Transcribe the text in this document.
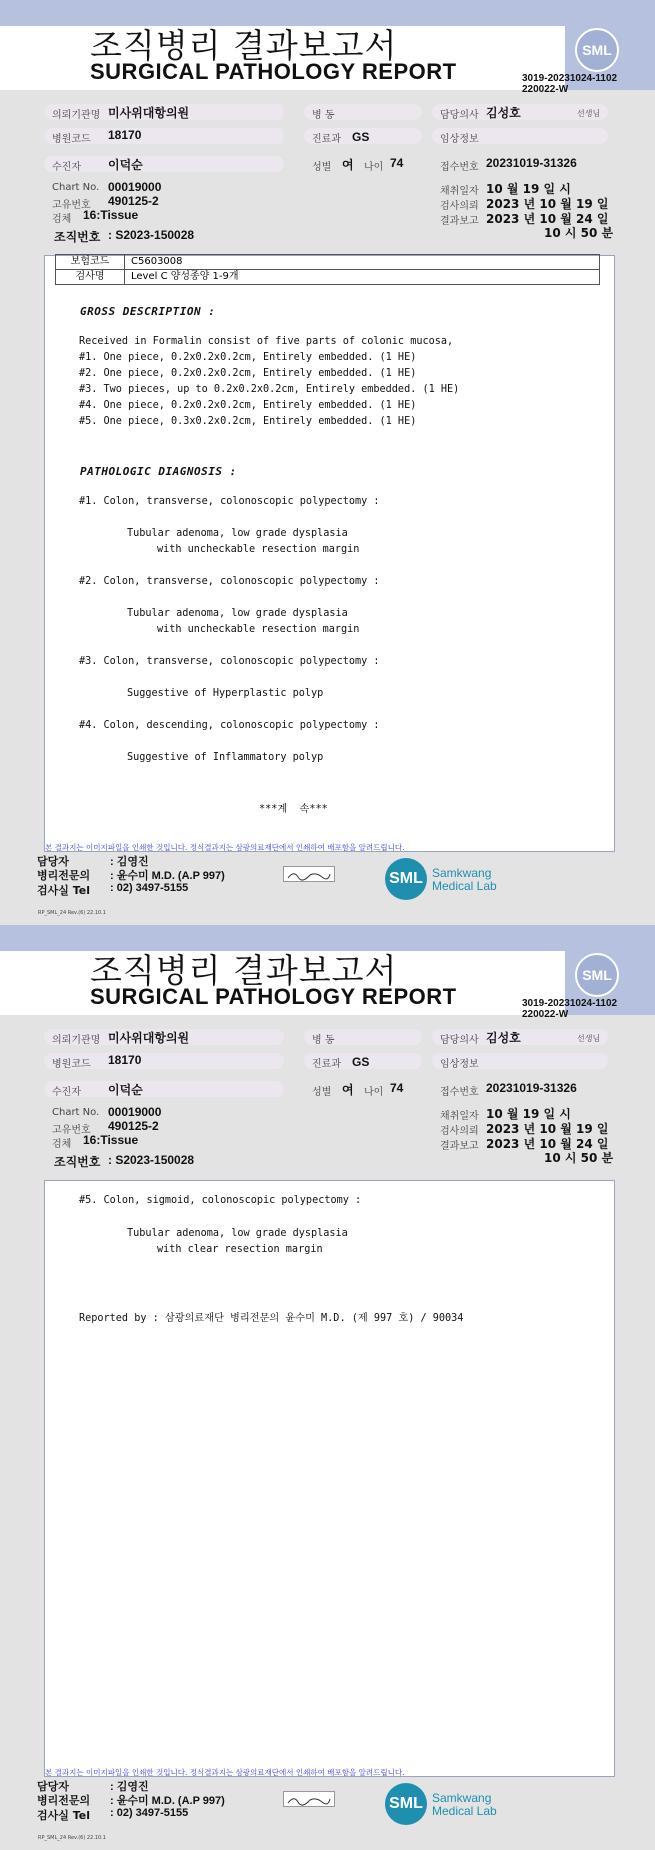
조직병리 결과보고서
SURGICAL PATHOLOGY REPORT
SML
3019-20231024-1102
220022-W
의뢰기관명 미사위대항의원
병원코드 18170
수진자 이덕순
Chart No. 00019000
고유번호 490125-2
검체 16:Tissue
조직번호 : S2023-150028
병 동
진료과 GS
성별 여 나이 74
담당의사 김성호	선생님
임상정보
접수번호 20231019-31326
채취일자 10 월 19 일 시
검사의뢰 2023 년 10 월 19 일
결과보고 2023 년 10 월 24 일
10 시 50 분
보험코드	C5603008
검사명	Level C 양성종양 1-9개
GROSS DESCRIPTION :
Received in Formalin consist of five parts of colonic mucosa,
#1. One piece, 0.2x0.2x0.2cm, Entirely embedded. (1 HE)
#2. One piece, 0.2x0.2x0.2cm, Entirely embedded. (1 HE)
#3. Two pieces, up to 0.2x0.2x0.2cm, Entirely embedded. (1 HE)
#4. One piece, 0.2x0.2x0.2cm, Entirely embedded. (1 HE)
#5. One piece, 0.3x0.2x0.2cm, Entirely embedded. (1 HE)
PATHOLOGIC DIAGNOSIS :
#1. Colon, transverse, colonoscopic polypectomy :
Tubular adenoma, low grade dysplasia
with uncheckable resection margin
#2. Colon, transverse, colonoscopic polypectomy :
Tubular adenoma, low grade dysplasia
with uncheckable resection margin
#3. Colon, transverse, colonoscopic polypectomy :
Suggestive of Hyperplastic polyp
#4. Colon, descending, colonoscopic polypectomy :
Suggestive of Inflammatory polyp
***계  속***
본 결과지는 이미지파일을 인쇄한 것입니다. 정식결과지는 삼광의료재단에서 인쇄하여 배포함을 알려드립니다.
담당자	: 김영진
병리전문의 : 윤수미 M.D. (A.P 997)
검사실 Tel : 02) 3497-5155
SML Samkwang
Medical Lab
RP_SML_24 Rev.(6) 22.10.1
조직병리 결과보고서
SURGICAL PATHOLOGY REPORT
SML
3019-20231024-1102
220022-W
의뢰기관명 미사위대항의원
병원코드 18170
수진자 이덕순
Chart No. 00019000
고유번호 490125-2
검체 16:Tissue
조직번호 : S2023-150028
병 동
진료과 GS
성별 여 나이 74
담당의사 김성호	선생님
임상정보
접수번호 20231019-31326
채취일자 10 월 19 일 시
검사의뢰 2023 년 10 월 19 일
결과보고 2023 년 10 월 24 일
10 시 50 분
#5. Colon, sigmoid, colonoscopic polypectomy :
Tubular adenoma, low grade dysplasia
with clear resection margin
Reported by : 삼광의료재단 병리전문의 윤수미 M.D. (제 997 호) / 90034
본 결과지는 이미지파일을 인쇄한 것입니다. 정식결과지는 삼광의료재단에서 인쇄하여 배포함을 알려드립니다.
담당자	: 김영진
병리전문의 : 윤수미 M.D. (A.P 997)
검사실 Tel : 02) 3497-5155
SML Samkwang
Medical Lab
RP_SML_24 Rev.(6) 22.10.1
